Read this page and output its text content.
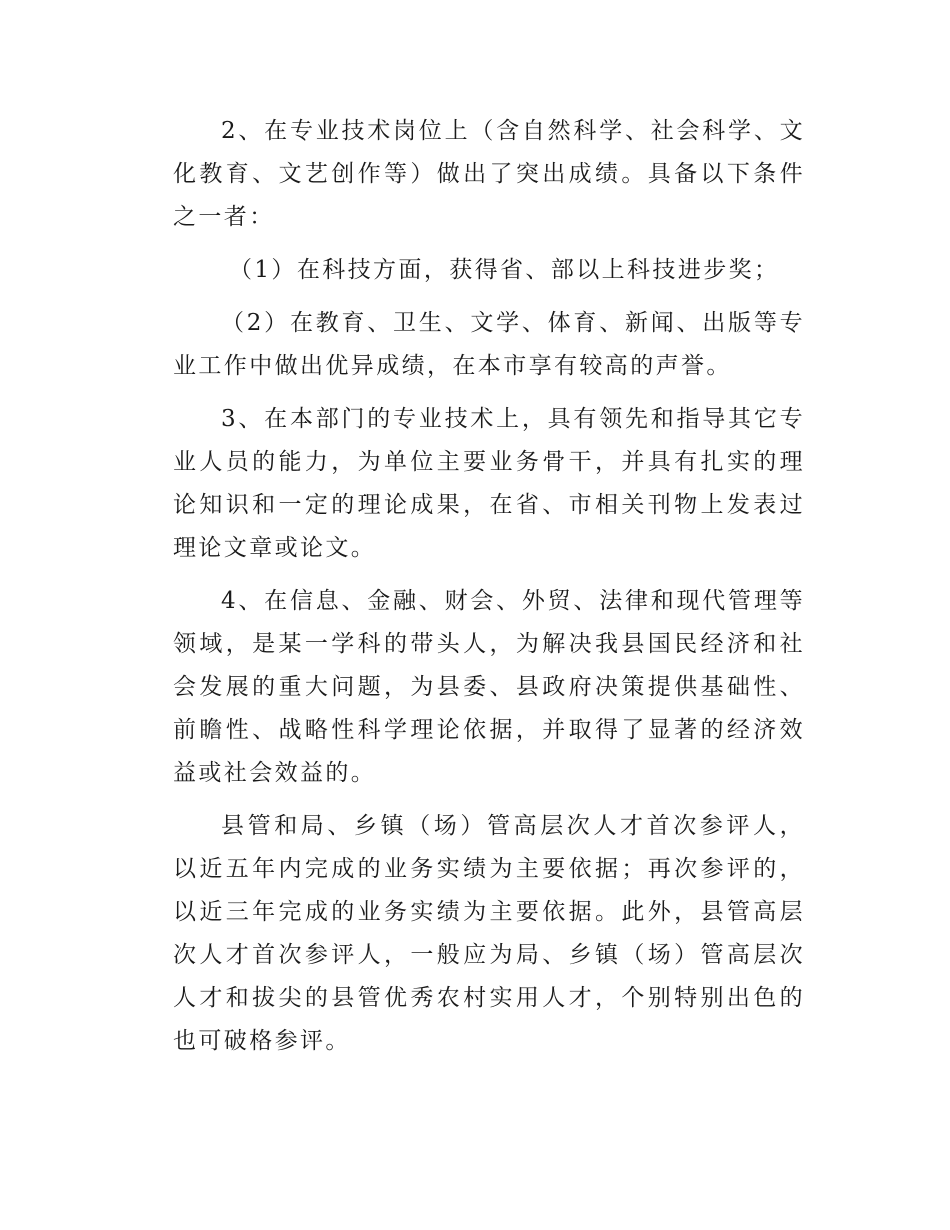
2、在专业技术岗位上（含自然科学、社会科学、文化教育、文艺创作等）做出了突出成绩。具备以下条件之一者：

（1）在科技方面，获得省、部以上科技进步奖；

（2）在教育、卫生、文学、体育、新闻、出版等专业工作中做出优异成绩，在本市享有较高的声誉。

3、在本部门的专业技术上，具有领先和指导其它专业人员的能力，为单位主要业务骨干，并具有扎实的理论知识和一定的理论成果，在省、市相关刊物上发表过理论文章或论文。

4、在信息、金融、财会、外贸、法律和现代管理等领域，是某一学科的带头人，为解决我县国民经济和社会发展的重大问题，为县委、县政府决策提供基础性、前瞻性、战略性科学理论依据，并取得了显著的经济效益或社会效益的。

县管和局、乡镇（场）管高层次人才首次参评人，以近五年内完成的业务实绩为主要依据；再次参评的，以近三年完成的业务实绩为主要依据。此外，县管高层次人才首次参评人，一般应为局、乡镇（场）管高层次人才和拔尖的县管优秀农村实用人才，个别特别出色的也可破格参评。
